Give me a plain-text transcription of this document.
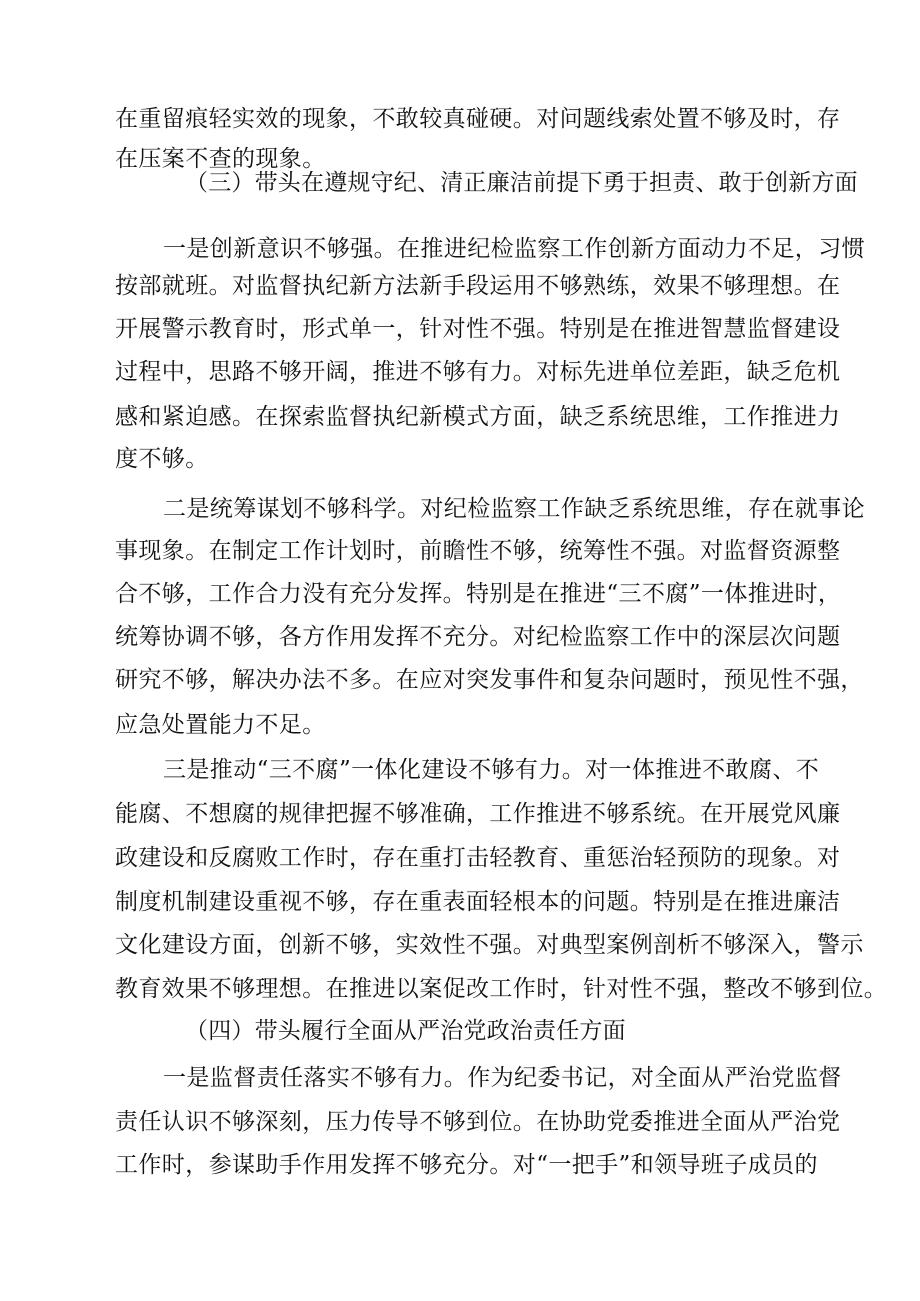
在重留痕轻实效的现象，不敢较真碰硬。对问题线索处置不够及时，存
在压案不查的现象。
（三）带头在遵规守纪、清正廉洁前提下勇于担责、敢于创新方面
一是创新意识不够强。在推进纪检监察工作创新方面动力不足，习惯
按部就班。对监督执纪新方法新手段运用不够熟练，效果不够理想。在
开展警示教育时，形式单一，针对性不强。特别是在推进智慧监督建设
过程中，思路不够开阔，推进不够有力。对标先进单位差距，缺乏危机
感和紧迫感。在探索监督执纪新模式方面，缺乏系统思维，工作推进力
度不够。
二是统筹谋划不够科学。对纪检监察工作缺乏系统思维，存在就事论
事现象。在制定工作计划时，前瞻性不够，统筹性不强。对监督资源整
合不够，工作合力没有充分发挥。特别是在推进“三不腐”一体推进时，
统筹协调不够，各方作用发挥不充分。对纪检监察工作中的深层次问题
研究不够，解决办法不多。在应对突发事件和复杂问题时，预见性不强，
应急处置能力不足。
三是推动“三不腐”一体化建设不够有力。对一体推进不敢腐、不
能腐、不想腐的规律把握不够准确，工作推进不够系统。在开展党风廉
政建设和反腐败工作时，存在重打击轻教育、重惩治轻预防的现象。对
制度机制建设重视不够，存在重表面轻根本的问题。特别是在推进廉洁
文化建设方面，创新不够，实效性不强。对典型案例剖析不够深入，警示
教育效果不够理想。在推进以案促改工作时，针对性不强，整改不够到位。
（四）带头履行全面从严治党政治责任方面
一是监督责任落实不够有力。作为纪委书记，对全面从严治党监督
责任认识不够深刻，压力传导不够到位。在协助党委推进全面从严治党
工作时，参谋助手作用发挥不够充分。对“一把手”和领导班子成员的
